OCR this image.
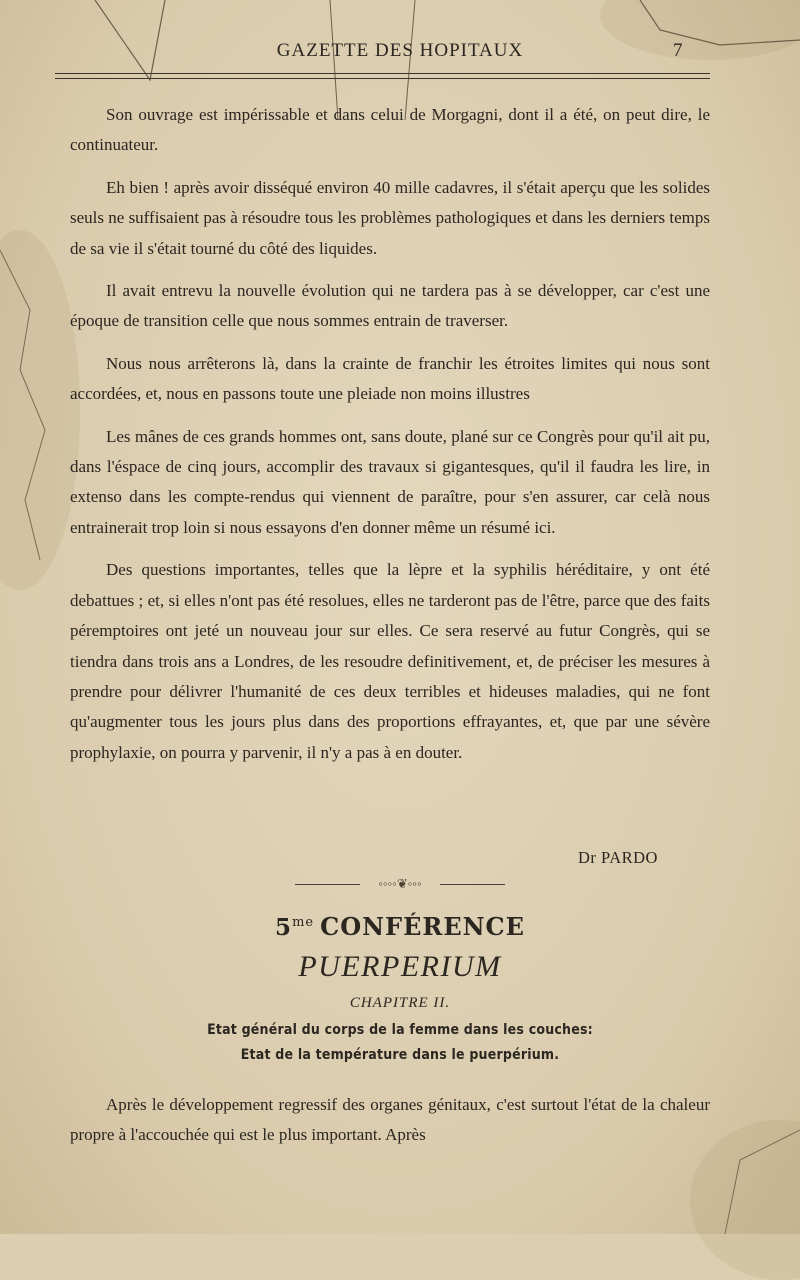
GAZETTE DES HOPITAUX	7

Son ouvrage est impérissable et dans celui de Morgagni, dont il a été, on peut dire, le continuateur.

Eh bien ! après avoir disséqué environ 40 mille cadavres, il s'était aperçu que les solides seuls ne suffisaient pas à résoudre tous les problèmes pathologiques et dans les derniers temps de sa vie il s'était tourné du côté des liquides.

Il avait entrevu la nouvelle évolution qui ne tardera pas à se développer, car c'est une époque de transition celle que nous sommes entrain de traverser.

Nous nous arrêterons là, dans la crainte de franchir les étroites limites qui nous sont accordées, et, nous en passons toute une pleiade non moins illustres

Les mânes de ces grands hommes ont, sans doute, plané sur ce Congrès pour qu'il ait pu, dans l'éspace de cinq jours, accomplir des travaux si gigantesques, qu'il il faudra les lire, in extenso dans les compte-rendus qui viennent de paraître, pour s'en assurer, car celà nous entrainerait trop loin si nous essayons d'en donner même un résumé ici.

Des questions importantes, telles que la lèpre et la syphilis héréditaire, y ont été debattues ; et, si elles n'ont pas été resolues, elles ne tarderont pas de l'être, parce que des faits péremptoires ont jeté un nouveau jour sur elles. Ce sera reservé au futur Congrès, qui se tiendra dans trois ans a Londres, de les resoudre definitivement, et, de préciser les mesures à prendre pour délivrer l'humanité de ces deux terribles et hideuses maladies, qui ne font qu'augmenter tous les jours plus dans des proportions effrayantes, et, que par une sévère prophylaxie, on pourra y parvenir, il n'y a pas à en douter.

Dr PARDO
◦◦◦◦❦◦◦◦
$5^{me}$ CONFÉRENCE
PUERPERIUM
CHAPITRE II.
Etat général du corps de la femme dans les couches:
Etat de la température dans le puerpérium.

Après le développement regressif des organes génitaux, c'est surtout l'état de la chaleur propre à l'accouchée qui est le plus important. Après
